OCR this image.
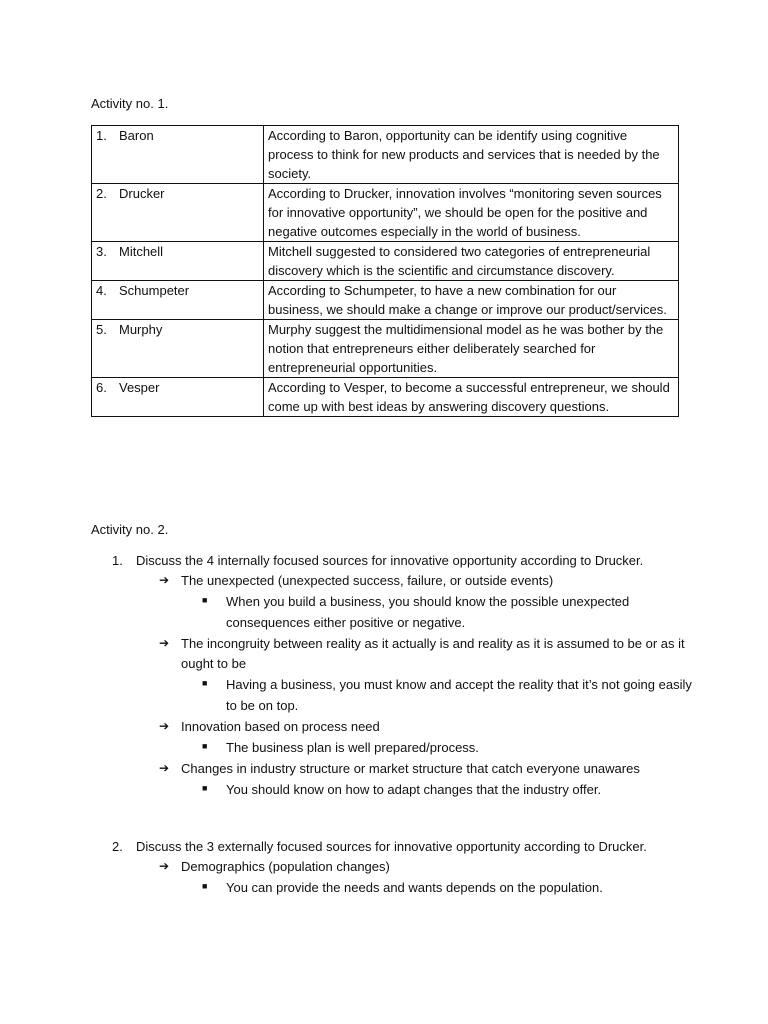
Activity no. 1.
1. Baron	According to Baron, opportunity can be identify using cognitive process to think for new products and services that is needed by the society.
2. Drucker	According to Drucker, innovation involves “monitoring seven sources for innovative opportunity”, we should be open for the positive and negative outcomes especially in the world of business.
3. Mitchell	Mitchell suggested to considered two categories of entrepreneurial discovery which is the scientific and circumstance discovery.
4. Schumpeter	According to Schumpeter, to have a new combination for our business, we should make a change or improve our product/services.
5. Murphy	Murphy suggest the multidimensional model as he was bother by the notion that entrepreneurs either deliberately searched for entrepreneurial opportunities.
6. Vesper	According to Vesper, to become a successful entrepreneur, we should come up with best ideas by answering discovery questions.
Activity no. 2.
1.	Discuss the 4 internally focused sources for innovative opportunity according to Drucker.
➔ The unexpected (unexpected success, failure, or outside events)
■	When you build a business, you should know the possible unexpected consequences either positive or negative.
➔ The incongruity between reality as it actually is and reality as it is assumed to be or as it ought to be
■	Having a business, you must know and accept the reality that it’s not going easily to be on top.
➔ Innovation based on process need
■	The business plan is well prepared/process.
➔ Changes in industry structure or market structure that catch everyone unawares
■	You should know on how to adapt changes that the industry offer.
2.	Discuss the 3 externally focused sources for innovative opportunity according to Drucker.
➔ Demographics (population changes)
■	You can provide the needs and wants depends on the population.
